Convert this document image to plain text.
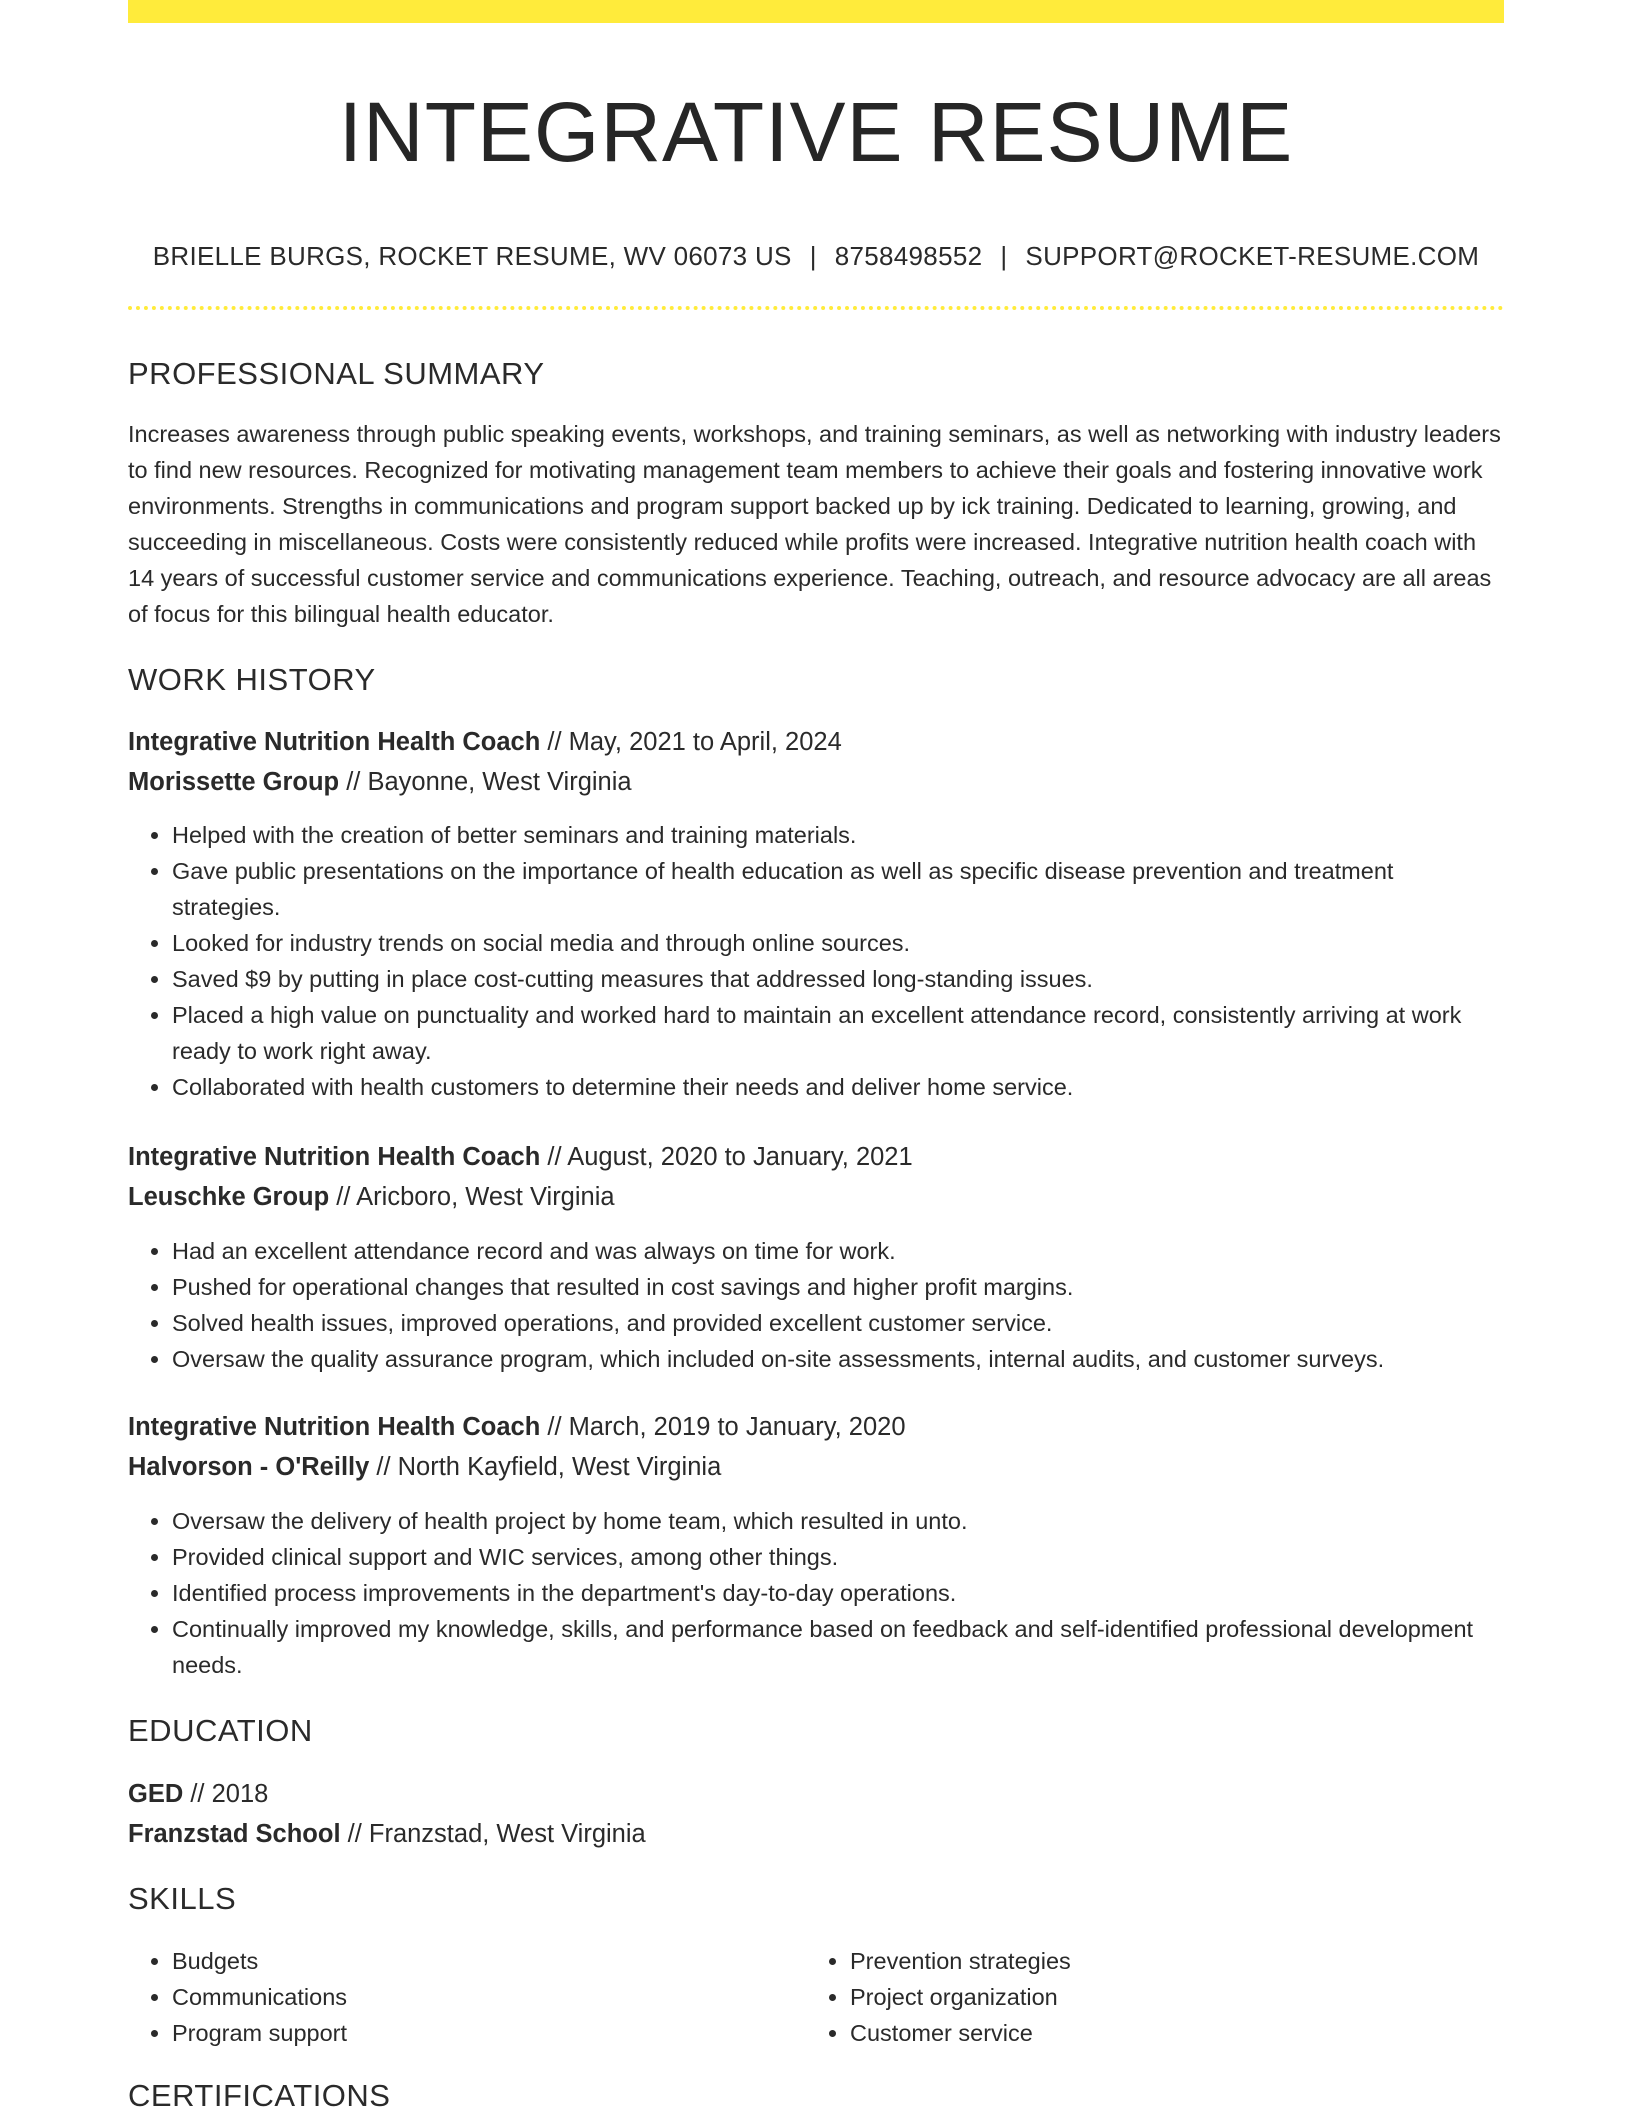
INTEGRATIVE RESUME
BRIELLE BURGS, ROCKET RESUME, WV 06073 US | 8758498552 | SUPPORT@ROCKET-RESUME.COM
PROFESSIONAL SUMMARY

Increases awareness through public speaking events, workshops, and training seminars, as well as networking with industry leaders to find new resources. Recognized for motivating management team members to achieve their goals and fostering innovative work environments. Strengths in communications and program support backed up by ick training. Dedicated to learning, growing, and succeeding in miscellaneous. Costs were consistently reduced while profits were increased. Integrative nutrition health coach with 14 years of successful customer service and communications experience. Teaching, outreach, and resource advocacy are all areas of focus for this bilingual health educator.

WORK HISTORY
Integrative Nutrition Health Coach // May, 2021 to April, 2024
Morissette Group // Bayonne, West Virginia
• Helped with the creation of better seminars and training materials.
• Gave public presentations on the importance of health education as well as specific disease prevention and treatment strategies.
• Looked for industry trends on social media and through online sources.
• Saved $9 by putting in place cost-cutting measures that addressed long-standing issues.
• Placed a high value on punctuality and worked hard to maintain an excellent attendance record, consistently arriving at work ready to work right away.
• Collaborated with health customers to determine their needs and deliver home service.
Integrative Nutrition Health Coach // August, 2020 to January, 2021
Leuschke Group // Aricboro, West Virginia
• Had an excellent attendance record and was always on time for work.
• Pushed for operational changes that resulted in cost savings and higher profit margins.
• Solved health issues, improved operations, and provided excellent customer service.
• Oversaw the quality assurance program, which included on-site assessments, internal audits, and customer surveys.
Integrative Nutrition Health Coach // March, 2019 to January, 2020
Halvorson - O'Reilly // North Kayfield, West Virginia
• Oversaw the delivery of health project by home team, which resulted in unto.
• Provided clinical support and WIC services, among other things.
• Identified process improvements in the department's day-to-day operations.
• Continually improved my knowledge, skills, and performance based on feedback and self-identified professional development needs.
EDUCATION
GED // 2018
Franzstad School // Franzstad, West Virginia
SKILLS
• Budgets
• Communications
• Program support
• Prevention strategies
• Project organization
• Customer service
CERTIFICATIONS
